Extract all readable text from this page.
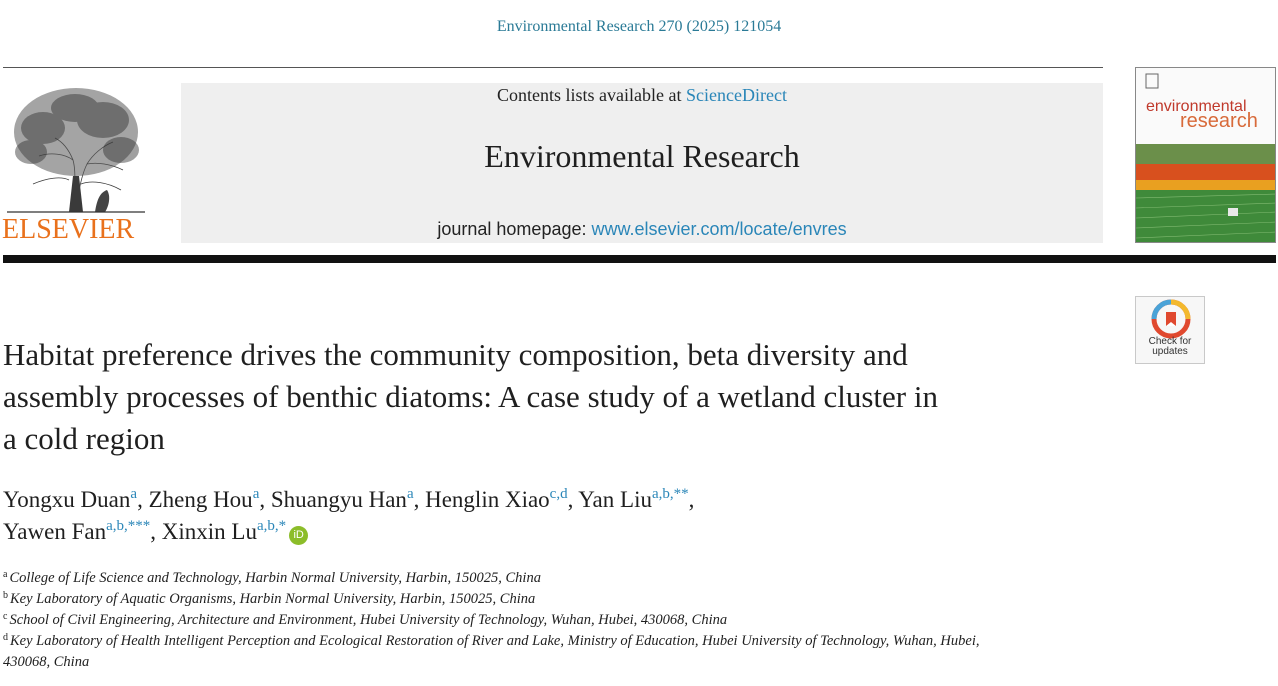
Environmental Research 270 (2025) 121054
ELSEVIER
Contents lists available at ScienceDirect
Environmental Research
journal homepage: www.elsevier.com/locate/envres
environmental
research
Check for
updates
Habitat preference drives the community composition, beta diversity and
assembly processes of benthic diatoms: A case study of a wetland cluster in
a cold region
Yongxu Duan$^a$, Zheng Hou$^a$, Shuangyu Han$^a$, Henglin Xiao$^{c,d}$, Yan Liu$^{a,b,**}$,
Yawen Fan$^{a,b,***}$, Xinxin $Lu^{a,b,*}iD$
$^a$ College of Life Science and Technology, Harbin Normal University, Harbin, 150025, China
$^b$ Key Laboratory of Aquatic Organisms, Harbin Normal University, Harbin, 150025, China
$^c$ School of Civil Engineering, Architecture and Environment, Hubei University of Technology, Wuhan, Hubei, 430068, China
$^d$ Key Laboratory of Health Intelligent Perception and Ecological Restoration of River and Lake, Ministry of Education, Hubei University of Technology, Wuhan, Hubei,
430068, China
